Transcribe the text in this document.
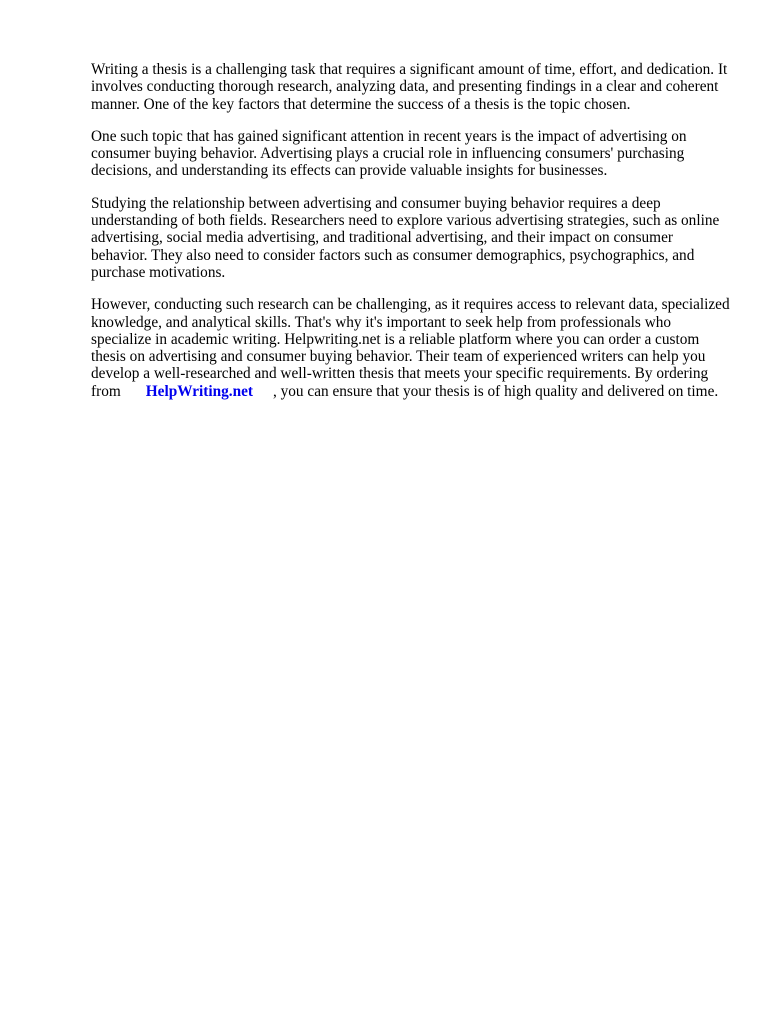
Writing a thesis is a challenging task that requires a significant amount of time, effort, and dedication. It involves conducting thorough research, analyzing data, and presenting findings in a clear and coherent manner. One of the key factors that determine the success of a thesis is the topic chosen.

One such topic that has gained significant attention in recent years is the impact of advertising on consumer buying behavior. Advertising plays a crucial role in influencing consumers' purchasing decisions, and understanding its effects can provide valuable insights for businesses.

Studying the relationship between advertising and consumer buying behavior requires a deep understanding of both fields. Researchers need to explore various advertising strategies, such as online advertising, social media advertising, and traditional advertising, and their impact on consumer behavior. They also need to consider factors such as consumer demographics, psychographics, and purchase motivations.

However, conducting such research can be challenging, as it requires access to relevant data, specialized knowledge, and analytical skills. That's why it's important to seek help from professionals who specialize in academic writing. Helpwriting.net is a reliable platform where you can order a custom thesis on advertising and consumer buying behavior. Their team of experienced writers can help you develop a well-researched and well-written thesis that meets your specific requirements. By ordering from HelpWriting.net , you can ensure that your thesis is of high quality and delivered on time.
